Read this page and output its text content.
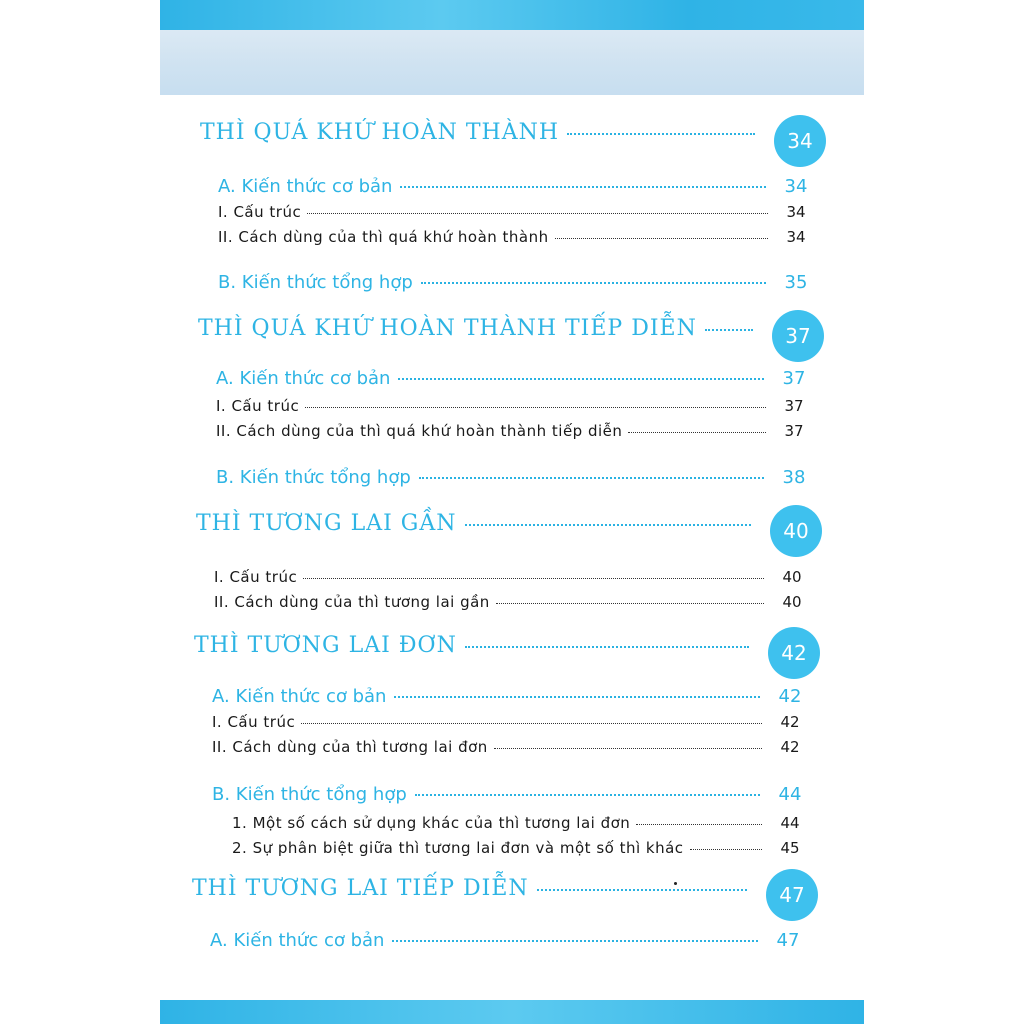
THÌ QUÁ KHỨ HOÀN THÀNH	34
A. Kiến thức cơ bản	34
I. Cấu trúc	34
II. Cách dùng của thì quá khứ hoàn thành	34
B. Kiến thức tổng hợp	35
THÌ QUÁ KHỨ HOÀN THÀNH TIẾP DIỄN	37
A. Kiến thức cơ bản	37
I. Cấu trúc	37
II. Cách dùng của thì quá khứ hoàn thành tiếp diễn	37
B. Kiến thức tổng hợp	38
THÌ TƯƠNG LAI GẦN	40
I. Cấu trúc	40
II. Cách dùng của thì tương lai gần	40
THÌ TƯƠNG LAI ĐƠN	42
A. Kiến thức cơ bản	42
I. Cấu trúc	42
II. Cách dùng của thì tương lai đơn	42
B. Kiến thức tổng hợp	44
1. Một số cách sử dụng khác của thì tương lai đơn	44
2. Sự phân biệt giữa thì tương lai đơn và một số thì khác	45
THÌ TƯƠNG LAI TIẾP DIỄN	47
A. Kiến thức cơ bản	47
